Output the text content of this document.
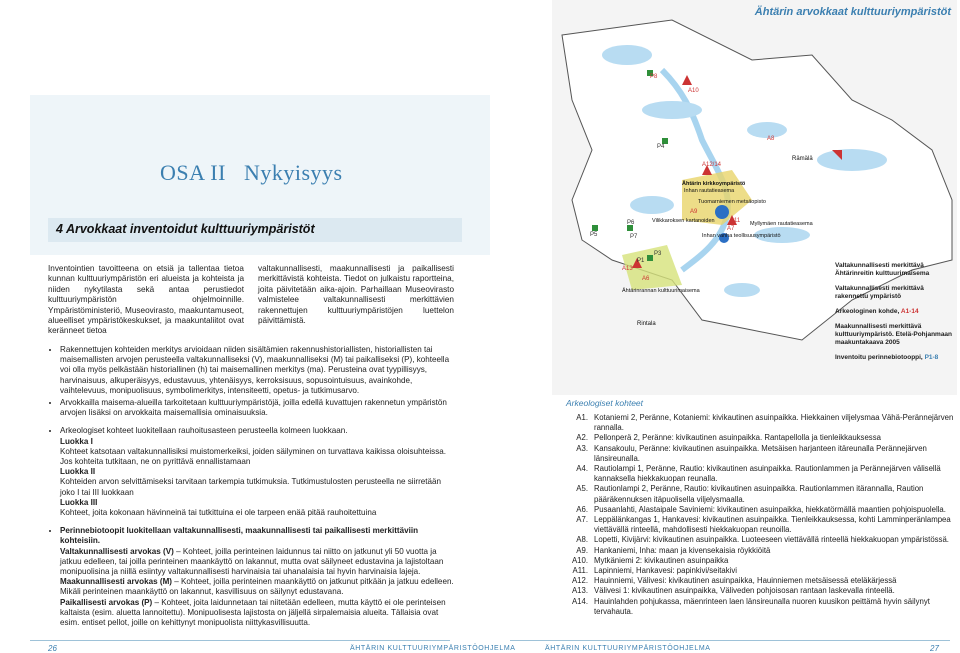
OSA II Nykyisyys
4 Arvokkaat inventoidut kulttuuriympäristöt
Inventointien tavoitteena on etsiä ja tallentaa tietoa kunnan kulttuuriympäristön eri alueista ja kohteista ja niiden nykytilasta sekä antaa perustiedot kulttuuriympäristön ohjelmoinnille. Ympäristöministeriö, Museovirasto, maakuntamuseot, alueelliset ympäristökeskukset, ja maakuntaliitot ovat keränneet tietoa
valtakunnallisesti, maakunnallisesti ja paikallisesti merkittävistä kohteista. Tiedot on julkaistu raportteina, joita päivitetään aika-ajoin. Parhaillaan Museovirasto valmistelee valtakunnallisesti merkittävien rakennettujen kulttuuriympäristöjen luettelon päivittämistä.
• Rakennettujen kohteiden merkitys arvioidaan niiden sisältämien rakennushistoriallisten, historiallisten tai maisemallisten arvojen perusteella valtakunnalliseksi (V), maakunnalliseksi (M) tai paikalliseksi (P), kohteella voi olla myös pelkästään historiallinen (h) tai maisemallinen merkitys (ma). Perusteina ovat tyypillisyys, harvinaisuus, alkuperäisyys, edustavuus, yhtenäisyys, kerroksisuus, sopusointuisuus, avainkohde, vaihtelevuus, monipuolisuus, symbolimerkitys, intensiteetti, opetus- ja tutkimusarvo.
• Arvokkailla maisema-alueilla tarkoitetaan kulttuuriympäristöjä, joilla edellä kuvattujen rakennetun ympäristön arvojen lisäksi on arvokkaita maisemallisia ominaisuuksia.
• Arkeologiset kohteet luokitellaan rauhoitusasteen perusteella kolmeen luokkaan.
Luokka I
Kohteet katsotaan valtakunnallisiksi muistomerkeiksi, joiden säilyminen on turvattava kaikissa oloisuhteissa. Jos kohteita tutkitaan, ne on pyrittävä ennallistamaan
Luokka II
Kohteiden arvon selvittämiseksi tarvitaan tarkempia tutkimuksia. Tutkimustulosten perusteella ne siirretään joko I tai III luokkaan
Luokka III
Kohteet, joita kokonaan hävinneinä tai tutkittuina ei ole tarpeen enää pitää rauhoitettuina
• Perinnebiotoopit luokitellaan valtakunnallisesti, maakunnallisesti tai paikallisesti merkittäviin kohteisiin.
Valtakunnallisesti arvokas (V) – Kohteet, joilla perinteinen laidunnus tai niitto on jatkunut yli 50 vuotta ja jatkuu edelleen, tai joilla perinteinen maankäyttö on lakannut, mutta ovat säilyneet edustavina ja lajistoltaan monipuolisina ja niillä esiintyy valtakunnallisesti harvinaisia tai uhanalaisia tai hyvin harvinaisia lajeja.
Maakunnallisesti arvokas (M) – Kohteet, joilla perinteinen maankäyttö on jatkunut pitkään ja jatkuu edelleen. Mikäli perinteinen maankäyttö on lakannut, kasvillisuus on säilynyt edustavana.
Paikallisesti arvokas (P) – Kohteet, joita laidunnetaan tai niitetään edelleen, mutta käyttö ei ole perinteisen kaltaista (esim. aluetta lannoitettu). Monipuolisesta lajistosta on jäljellä sirpalemaisia alueita. Tällaisia ovat esim. entiset pellot, joille on kehittynyt monipuolista niittykasvillisuutta.
26	ÄHTÄRIN KULTTUURIYMPÄRISTÖOHJELMA
P8
A10
A8
P4
A12/14
Rämälä
Ähtärin kirkkoympäristö
Inhan rautatieasema
Tuomarniemen metsäopisto
A9
Vilikkaroksen kartanoiden	A11
A7
Myllymäen rautatieasema
Inhan vanha teollisuusympäristö
P5
P6
P7
P1
A13
A6
Ähtärinrannan kulttuurimaisema
Rintala
P3
Ähtärin arvokkaat kulttuuriympäristöt
Valtakunnallisesti merkittävä Ähtärinreitin kulttuurimaisema
Valtakunnallisesti merkittävä rakennettu ympäristö
Arkeologinen kohde, A1-14
Maakunnallisesti merkittävä kulttuuriympäristö. Etelä-Pohjanmaan maakuntakaava 2005
Inventoitu perinnebiotooppi, P1-8
Arkeologiset kohteet
A1. Kotaniemi 2, Peränne, Kotaniemi: kivikautinen asuinpaikka. Hiekkainen viljelysmaa Vähä-Perännejärven rannalla.
A2. Pellonperä 2, Peränne: kivikautinen asuinpaikka. Rantapellolla ja tienleikkauksessa
A3. Kansakoulu, Peränne: kivikautinen asuinpaikka. Metsäisen harjanteen itäreunalla Perännejärven länsireunalla.
A4. Rautiolampi 1, Peränne, Rautio: kivikautinen asuinpaikka. Rautionlammen ja Perännejärven välisellä kannaksella hiekkakuopan reunalla.
A5. Rautionlampi 2, Peränne, Rautio: kivikautinen asuinpaikka. Rautionlammen itärannalla, Raution pääräkennuksen itäpuolisella viljelysmaalla.
A6. Pusaanlahti, Alastaipale Saviniemi: kivikautinen asuinpaikka, hiekkatörmällä maantien pohjoispuolella.
A7. Leppälänkangas 1, Hankavesi: kivikautinen asuinpaikka. Tienleikkauksessa, kohti Lamminperänlampea viettävällä rinteellä, mahdollisesti hiekkakuopan reunoilla.
A8. Lopetti, Kivijärvi: kivikautinen asuinpaikka. Luoteeseen viettävällä rinteellä hiekkakuopan ympäristössä.
A9. Hankaniemi, Inha: maan ja kivensekaisia röykkiöitä
A10. Mytkäniemi 2: kivikautinen asuinpaikka
A11. Lapinniemi, Hankavesi: papinkivi/seitakivi
A12. Hauinniemi, Välivesi: kivikautinen asuinpaikka, Hauinniemen metsäisessä eteläkärjessä
A13. Välivesi 1: kivikautinen asuinpaikka, Väliveden pohjoisosan rantaan laskevalla rinteellä.
A14. Hauinlahden pohjukassa, mäenrinteen laen länsireunalla nuoren kuusikon peittämä hyvin säilynyt tervahauta.
ÄHTÄRIN KULTTUURIYMPÄRISTÖOHJELMA	27
